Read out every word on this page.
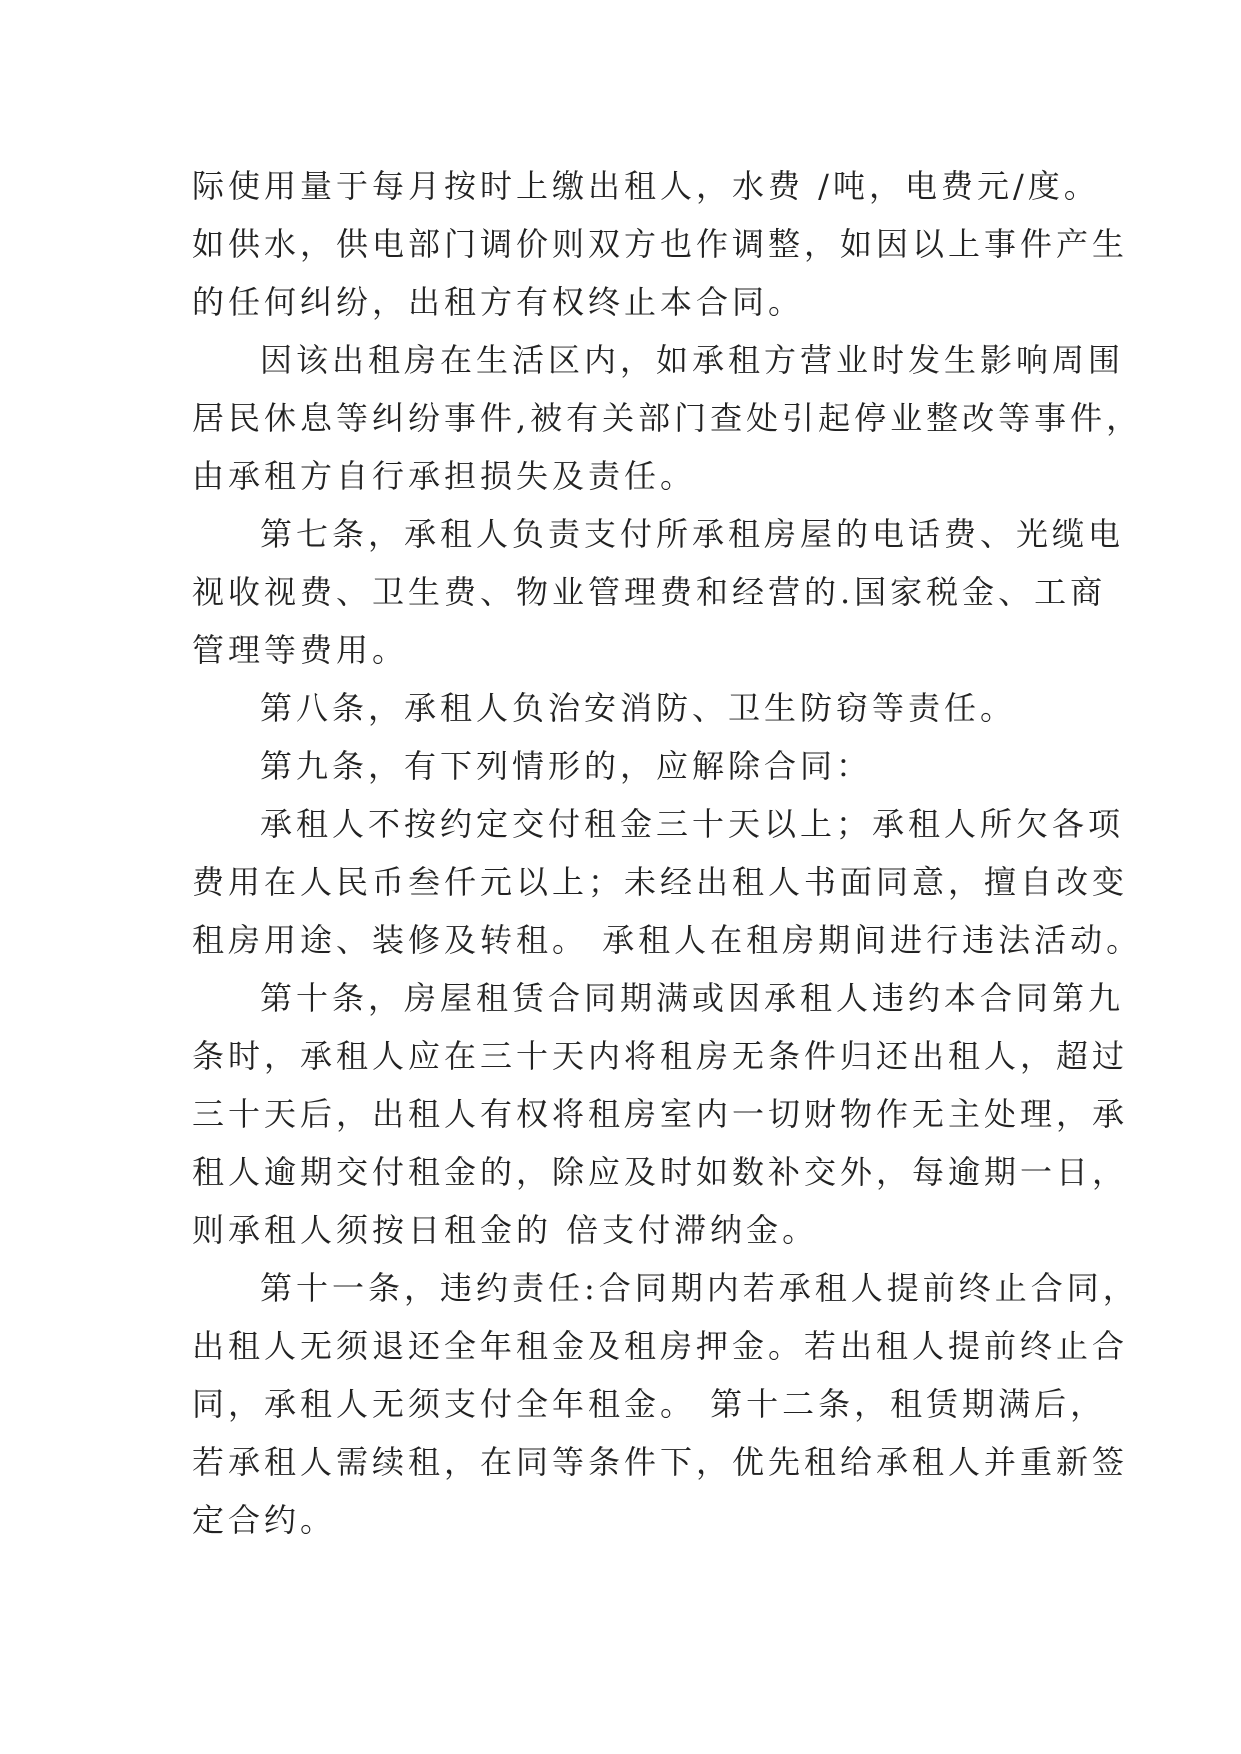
际使用量于每月按时上缴出租人，水费 /吨，电费元/度。
如供水，供电部门调价则双方也作调整，如因以上事件产生
的任何纠纷，出租方有权终止本合同。
因该出租房在生活区内，如承租方营业时发生影响周围
居民休息等纠纷事件,被有关部门查处引起停业整改等事件，
由承租方自行承担损失及责任。
第七条，承租人负责支付所承租房屋的电话费、光缆电
视收视费、卫生费、物业管理费和经营的.国家税金、工商
管理等费用。
第八条，承租人负治安消防、卫生防窃等责任。
第九条，有下列情形的，应解除合同：
承租人不按约定交付租金三十天以上；承租人所欠各项
费用在人民币叁仟元以上；未经出租人书面同意，擅自改变
租房用途、装修及转租。 承租人在租房期间进行违法活动。
第十条，房屋租赁合同期满或因承租人违约本合同第九
条时，承租人应在三十天内将租房无条件归还出租人，超过
三十天后，出租人有权将租房室内一切财物作无主处理，承
租人逾期交付租金的，除应及时如数补交外，每逾期一日，
则承租人须按日租金的 倍支付滞纳金。
第十一条，违约责任:合同期内若承租人提前终止合同，
出租人无须退还全年租金及租房押金。若出租人提前终止合
同，承租人无须支付全年租金。 第十二条，租赁期满后，
若承租人需续租，在同等条件下，优先租给承租人并重新签
定合约。
